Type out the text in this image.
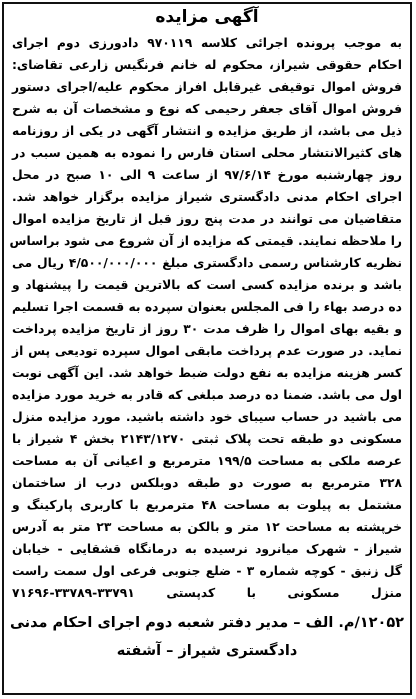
آگهی مزایده
به موجب پرونده اجرائی کلاسه ۹۷۰۱۱۹ دادورزی دوم اجرای
احکام حقوقی شیراز، محکوم له خانم فرنگیس زارعی تقاضای:
فروش اموال توقیفی غیرقابل افراز محکوم علیه/اجرای دستور
فروش اموال آقای جعفر رحیمی که نوع و مشخصات آن به شرح
ذیل می باشد، از طریق مزایده و انتشار آگهی در یکی از روزنامه
های کثیرالانتشار محلی استان فارس را نموده به همین سبب در
روز چهارشنبه مورخ ۹۷/۶/۱۴ از ساعت ۹ الی ۱۰ صبح در محل
اجرای احکام مدنی دادگستری شیراز مزایده برگزار خواهد شد.
متقاضیان می توانند در مدت پنج روز قبل از تاریخ مزایده اموال
را ملاحظه نمایند. قیمتی که مزایده از آن شروع می شود براساس
نظریه کارشناس رسمی دادگستری مبلغ ۴/۵۰۰/۰۰۰/۰۰۰ ریال می
باشد و برنده مزایده کسی است که بالاترین قیمت را پیشنهاد و
ده درصد بهاء را فی المجلس بعنوان سپرده به قسمت اجرا تسلیم
و بقیه بهای اموال را ظرف مدت ۳۰ روز از تاریخ مزایده پرداخت
نماید. در صورت عدم پرداخت مابقی اموال سپرده تودیعی پس از
کسر هزینه مزایده به نفع دولت ضبط خواهد شد. این آگهی نوبت
اول می باشد. ضمنا ده درصد مبلغی که قادر به خرید مورد مزایده
می باشید در حساب سیبای خود داشته باشید. مورد مزایده منزل
مسکونی دو طبقه تحت پلاک ثبتی ۲۱۴۳/۱۲۷۰ بخش ۴ شیراز با
عرصه ملکی به مساحت ۱۹۹/۵ مترمربع و اعیانی آن به مساحت
۳۲۸ مترمربع به صورت دو طبقه دوبلکس درب از ساختمان
مشتمل به پیلوت به مساحت ۴۸ مترمربع با کاربری پارکینگ و
خرپشته به مساحت ۱۲ متر و بالکن به مساحت ۲۳ متر به آدرس
شیراز - شهرک میانرود نرسیده به درمانگاه قشقایی - خیابان
گل زنبق - کوچه شماره ۳ - ضلع جنوبی فرعی اول سمت راست
منزل مسکونی با کدپستی ۳۳۷۹۱-۳۳۷۸۹-۷۱۶۹۶
۱۲۰۵۲/م. الف – مدیر دفتر شعبه دوم اجرای احکام مدنی
دادگستری شیراز – آشفته
